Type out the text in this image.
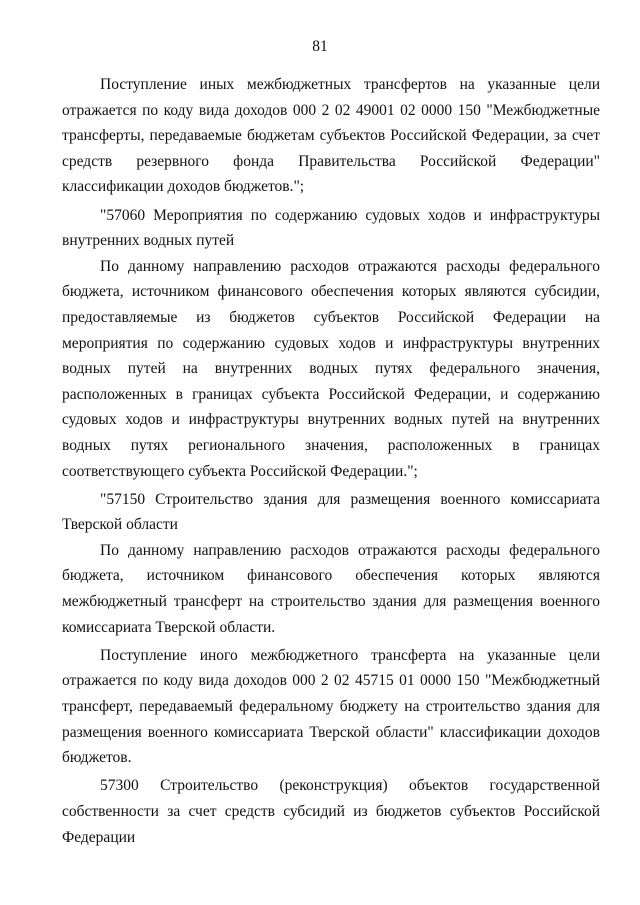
81

Поступление иных межбюджетных трансфертов на указанные цели отражается по коду вида доходов 000 2 02 49001 02 0000 150 "Межбюджетные трансферты, передаваемые бюджетам субъектов Российской Федерации, за счет средств резервного фонда Правительства Российской Федерации" классификации доходов бюджетов.";

"57060 Мероприятия по содержанию судовых ходов и инфраструктуры внутренних водных путей

По данному направлению расходов отражаются расходы федерального бюджета, источником финансового обеспечения которых являются субсидии, предоставляемые из бюджетов субъектов Российской Федерации на мероприятия по содержанию судовых ходов и инфраструктуры внутренних водных путей на внутренних водных путях федерального значения, расположенных в границах субъекта Российской Федерации, и содержанию судовых ходов и инфраструктуры внутренних водных путей на внутренних водных путях регионального значения, расположенных в границах соответствующего субъекта Российской Федерации.";

"57150 Строительство здания для размещения военного комиссариата Тверской области

По данному направлению расходов отражаются расходы федерального бюджета, источником финансового обеспечения которых являются межбюджетный трансферт на строительство здания для размещения военного комиссариата Тверской области.

Поступление иного межбюджетного трансферта на указанные цели отражается по коду вида доходов 000 2 02 45715 01 0000 150 "Межбюджетный трансферт, передаваемый федеральному бюджету на строительство здания для размещения военного комиссариата Тверской области" классификации доходов бюджетов.

57300 Строительство (реконструкция) объектов государственной собственности за счет средств субсидий из бюджетов субъектов Российской Федерации
